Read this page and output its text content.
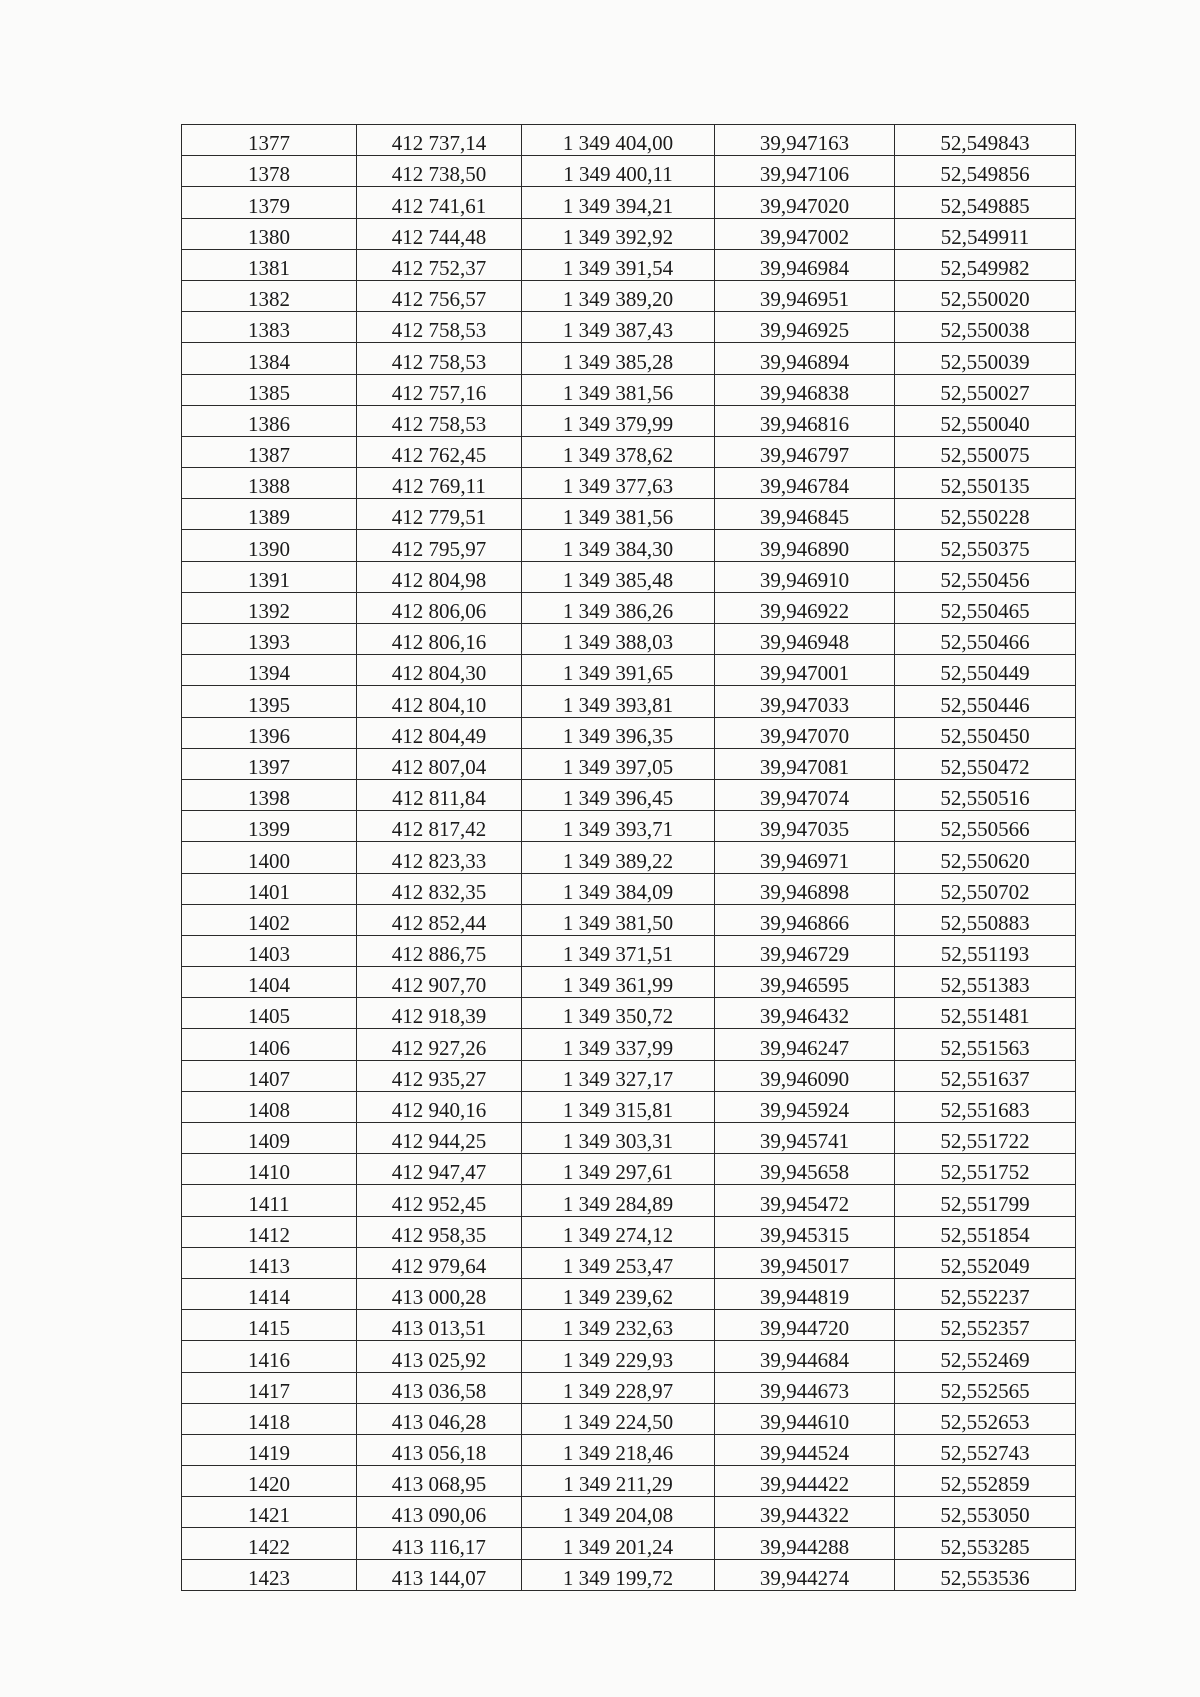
1377	412 737,14	1 349 404,00	39,947163	52,549843
1378	412 738,50	1 349 400,11	39,947106	52,549856
1379	412 741,61	1 349 394,21	39,947020	52,549885
1380	412 744,48	1 349 392,92	39,947002	52,549911
1381	412 752,37	1 349 391,54	39,946984	52,549982
1382	412 756,57	1 349 389,20	39,946951	52,550020
1383	412 758,53	1 349 387,43	39,946925	52,550038
1384	412 758,53	1 349 385,28	39,946894	52,550039
1385	412 757,16	1 349 381,56	39,946838	52,550027
1386	412 758,53	1 349 379,99	39,946816	52,550040
1387	412 762,45	1 349 378,62	39,946797	52,550075
1388	412 769,11	1 349 377,63	39,946784	52,550135
1389	412 779,51	1 349 381,56	39,946845	52,550228
1390	412 795,97	1 349 384,30	39,946890	52,550375
1391	412 804,98	1 349 385,48	39,946910	52,550456
1392	412 806,06	1 349 386,26	39,946922	52,550465
1393	412 806,16	1 349 388,03	39,946948	52,550466
1394	412 804,30	1 349 391,65	39,947001	52,550449
1395	412 804,10	1 349 393,81	39,947033	52,550446
1396	412 804,49	1 349 396,35	39,947070	52,550450
1397	412 807,04	1 349 397,05	39,947081	52,550472
1398	412 811,84	1 349 396,45	39,947074	52,550516
1399	412 817,42	1 349 393,71	39,947035	52,550566
1400	412 823,33	1 349 389,22	39,946971	52,550620
1401	412 832,35	1 349 384,09	39,946898	52,550702
1402	412 852,44	1 349 381,50	39,946866	52,550883
1403	412 886,75	1 349 371,51	39,946729	52,551193
1404	412 907,70	1 349 361,99	39,946595	52,551383
1405	412 918,39	1 349 350,72	39,946432	52,551481
1406	412 927,26	1 349 337,99	39,946247	52,551563
1407	412 935,27	1 349 327,17	39,946090	52,551637
1408	412 940,16	1 349 315,81	39,945924	52,551683
1409	412 944,25	1 349 303,31	39,945741	52,551722
1410	412 947,47	1 349 297,61	39,945658	52,551752
1411	412 952,45	1 349 284,89	39,945472	52,551799
1412	412 958,35	1 349 274,12	39,945315	52,551854
1413	412 979,64	1 349 253,47	39,945017	52,552049
1414	413 000,28	1 349 239,62	39,944819	52,552237
1415	413 013,51	1 349 232,63	39,944720	52,552357
1416	413 025,92	1 349 229,93	39,944684	52,552469
1417	413 036,58	1 349 228,97	39,944673	52,552565
1418	413 046,28	1 349 224,50	39,944610	52,552653
1419	413 056,18	1 349 218,46	39,944524	52,552743
1420	413 068,95	1 349 211,29	39,944422	52,552859
1421	413 090,06	1 349 204,08	39,944322	52,553050
1422	413 116,17	1 349 201,24	39,944288	52,553285
1423	413 144,07	1 349 199,72	39,944274	52,553536
